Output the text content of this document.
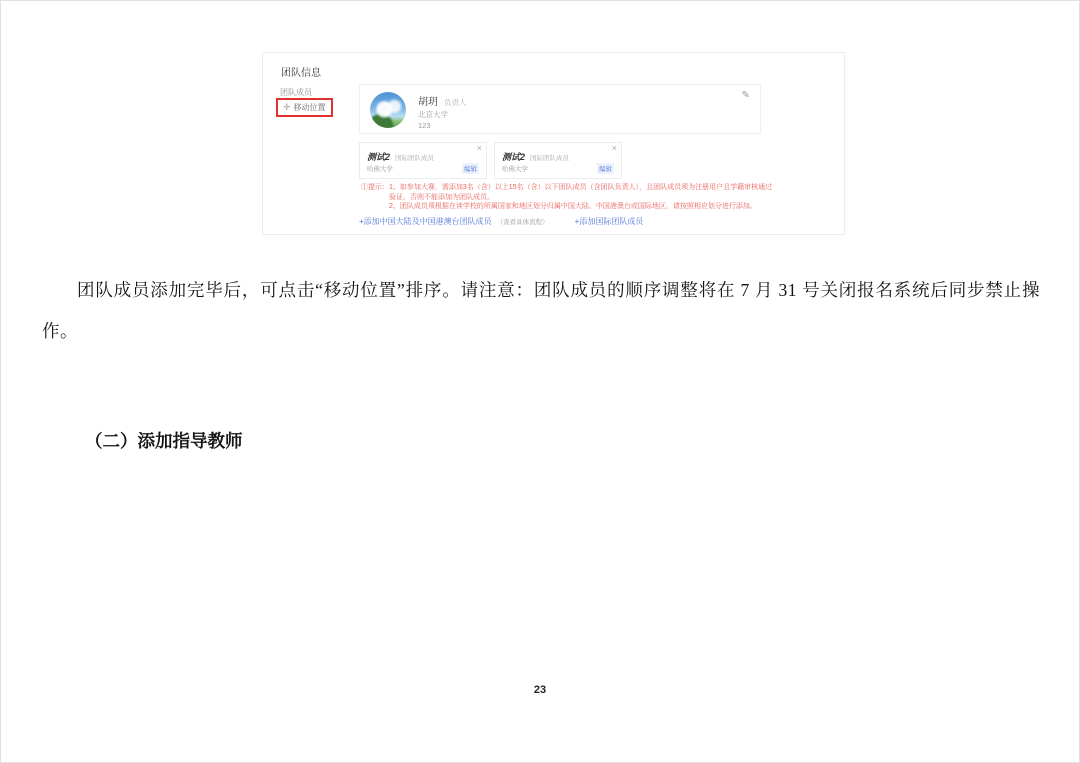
团队信息
团队成员
✛ 移动位置	胡玥 负责人
北京大学
123
✎
×
测试2 国际团队成员
哈佛大学	编辑
×
测试2 国际团队成员
哈佛大学	编辑
①提示： 1、如参加大赛，需添加3名（含）以上15名（含）以下团队成员（含团队负责人），且团队成员须为注册用户且学籍审核通过验证，否则不能添加为团队成员。
2、团队成员须根据在读学校的所属国家和地区划分归属中国大陆、中国港澳台或国际地区，请按照相应划分进行添加。
+添加中国大陆及中国港澳台团队成员 （查看具体流程）	+添加国际团队成员
团队成员添加完毕后，可点击“移动位置”排序。请注意：团队成员的顺序调整将在 7 月 31 号关闭报名系统后同步禁止操作。
（二）添加指导教师
23
